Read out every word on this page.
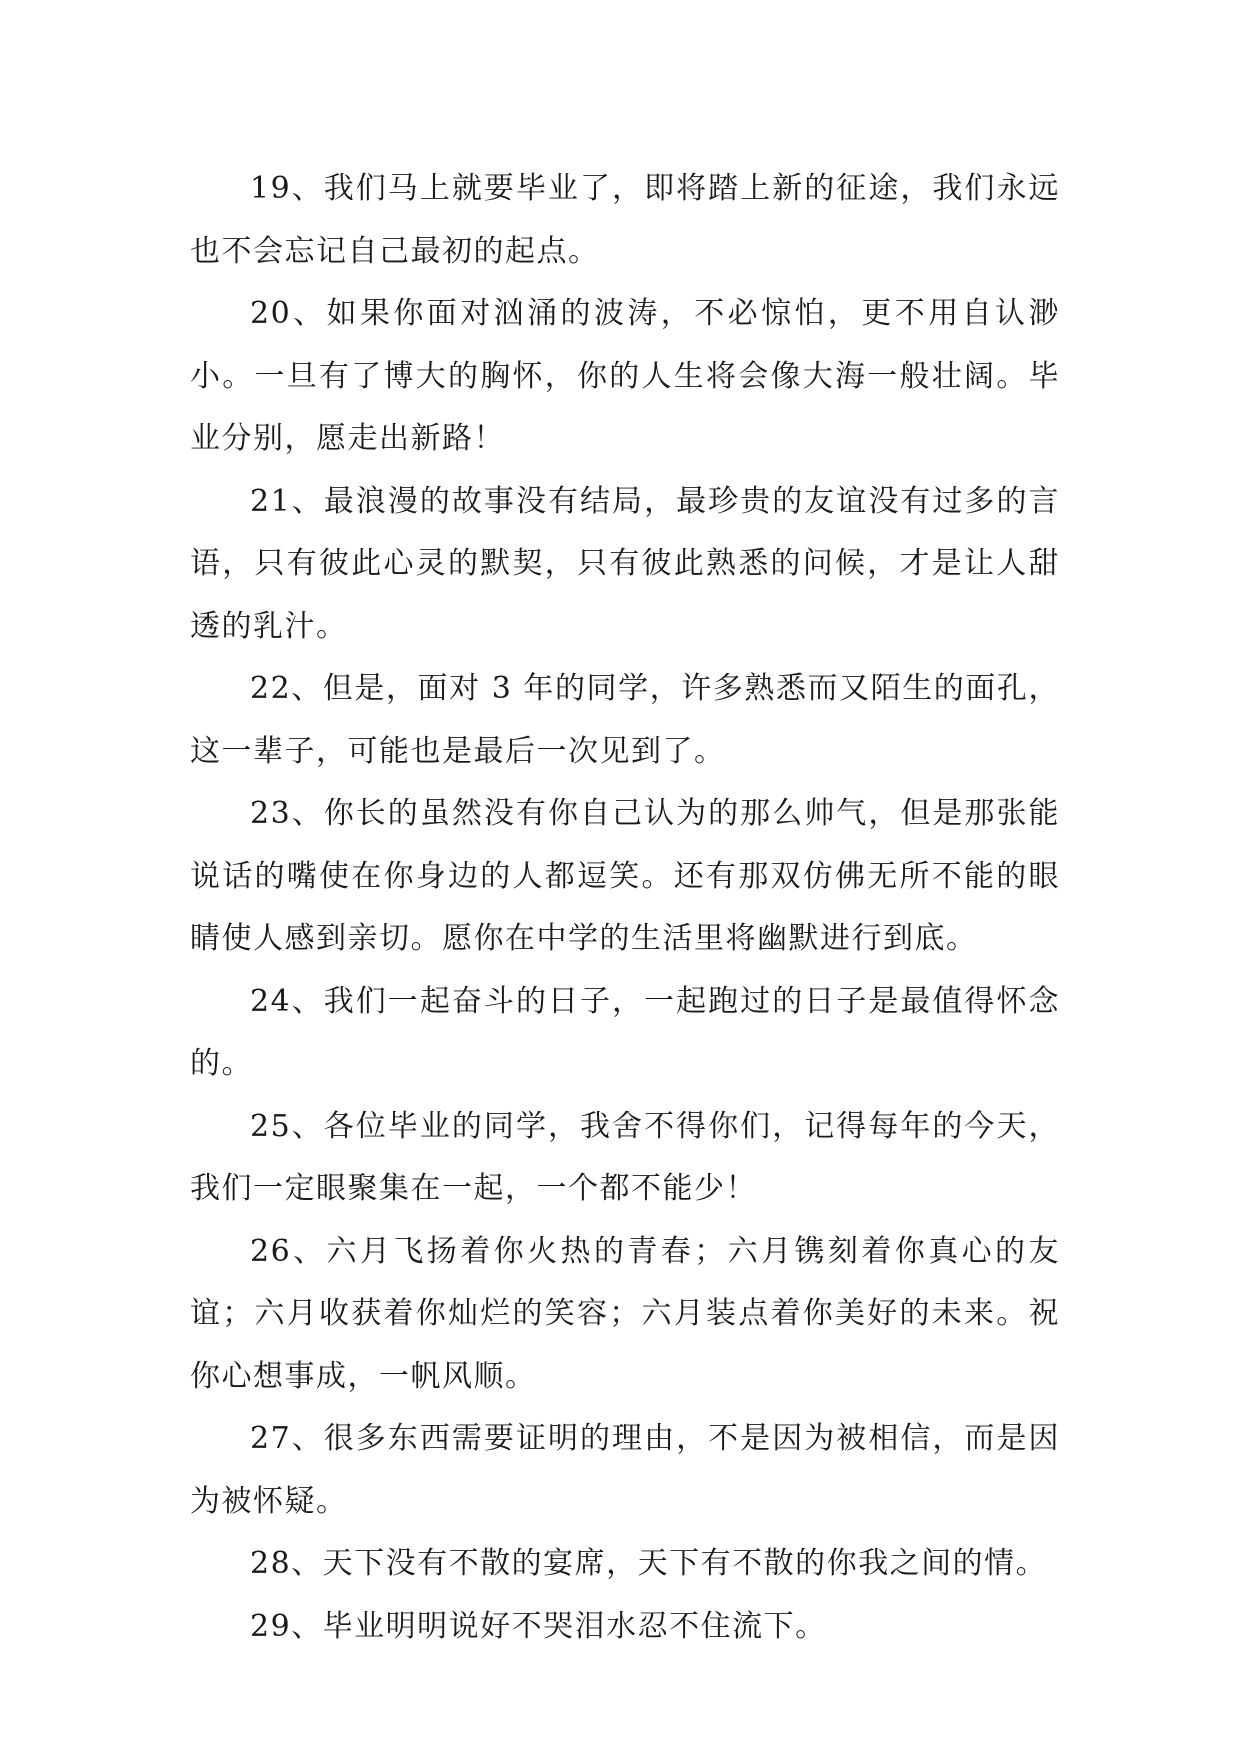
19、我们马上就要毕业了，即将踏上新的征途，我们永远也不会忘记自己最初的起点。

20、如果你面对汹涌的波涛，不必惊怕，更不用自认渺小。一旦有了博大的胸怀，你的人生将会像大海一般壮阔。毕业分别，愿走出新路！

21、最浪漫的故事没有结局，最珍贵的友谊没有过多的言语，只有彼此心灵的默契，只有彼此熟悉的问候，才是让人甜透的乳汁。

22、但是，面对 3 年的同学，许多熟悉而又陌生的面孔，这一辈子，可能也是最后一次见到了。

23、你长的虽然没有你自己认为的那么帅气，但是那张能说话的嘴使在你身边的人都逗笑。还有那双仿佛无所不能的眼睛使人感到亲切。愿你在中学的生活里将幽默进行到底。

24、我们一起奋斗的日子，一起跑过的日子是最值得怀念的。

25、各位毕业的同学，我舍不得你们，记得每年的今天，我们一定眼聚集在一起，一个都不能少！

26、六月飞扬着你火热的青春；六月镌刻着你真心的友谊；六月收获着你灿烂的笑容；六月装点着你美好的未来。祝你心想事成，一帆风顺。

27、很多东西需要证明的理由，不是因为被相信，而是因为被怀疑。

28、天下没有不散的宴席，天下有不散的你我之间的情。

29、毕业明明说好不哭泪水忍不住流下。
